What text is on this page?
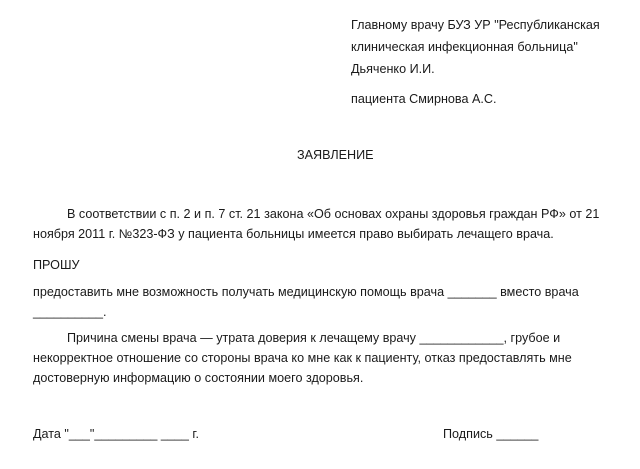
Главному врачу БУЗ УР "Республиканская
клиническая инфекционная больница"
Дьяченко И.И.
пациента Смирнова А.С.
ЗАЯВЛЕНИЕ
В соответствии с п. 2 и п. 7 ст. 21 закона «Об основах охраны здоровья граждан РФ» от 21
ноября 2011 г. №323-ФЗ у пациента больницы имеется право выбирать лечащего врача.
ПРОШУ
предоставить мне возможность получать медицинскую помощь врача _______ вместо врача
__________.
Причина смены врача — утрата доверия к лечащему врачу ____________, грубое и
некорректное отношение со стороны врача ко мне как к пациенту, отказ предоставлять мне
достоверную информацию о состоянии моего здоровья.
Дата "___"_________ ____ г.	Подпись ______
